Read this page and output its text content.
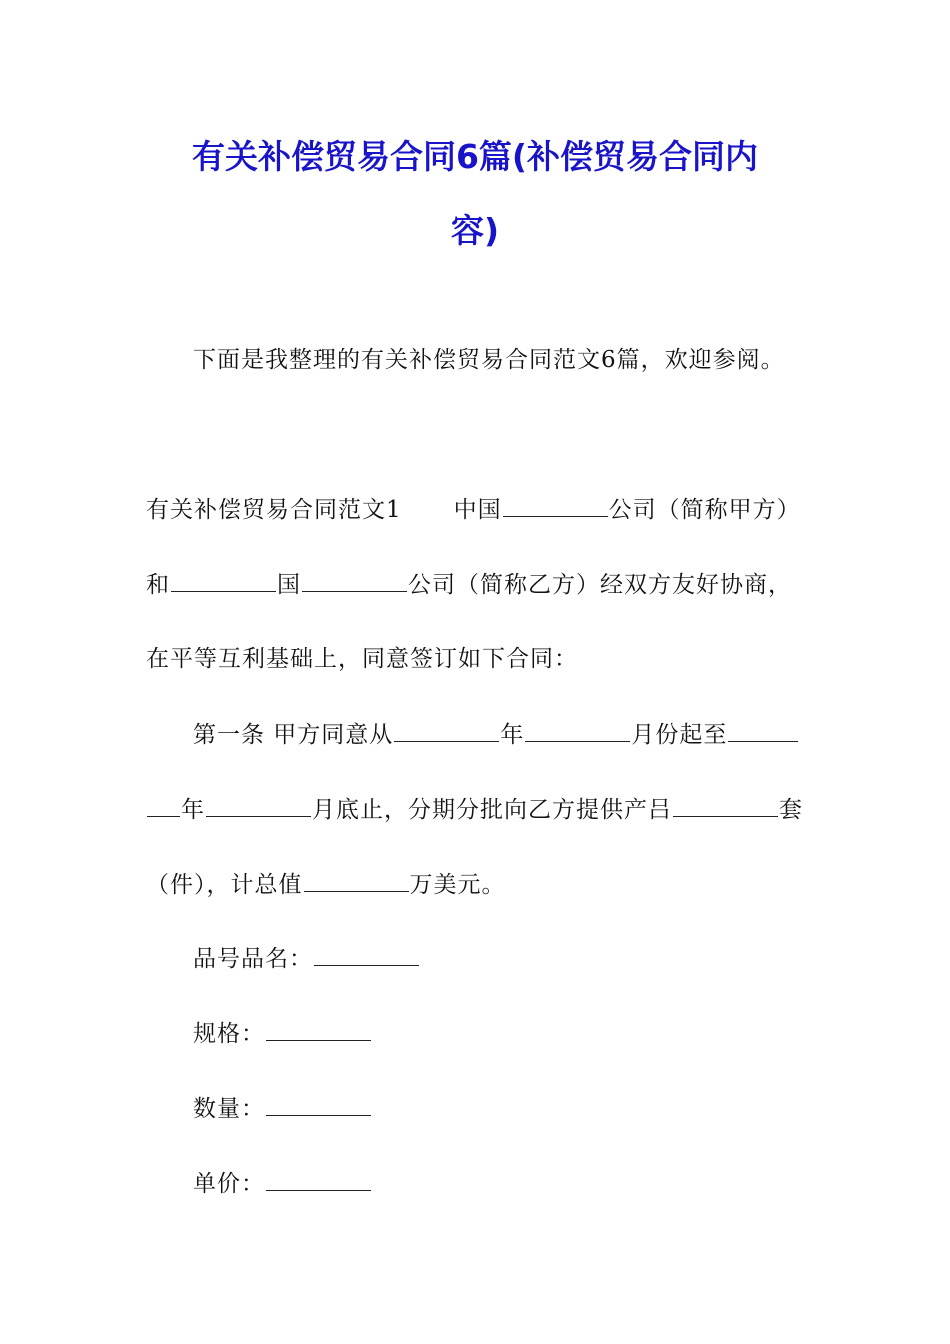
有关补偿贸易合同6篇(补偿贸易合同内
容)
下面是我整理的有关补偿贸易合同范文6篇，欢迎参阅。
有关补偿贸易合同范文1 中国	公司（简称甲方）
和	国	公司（简称乙方）经双方友好协商，
在平等互利基础上，同意签订如下合同：
第一条 甲方同意从	年	月份起至
年	月底止，分期分批向乙方提供产吕	套
（件），计总值	万美元。
品号品名：
规格：
数量：
单价：
